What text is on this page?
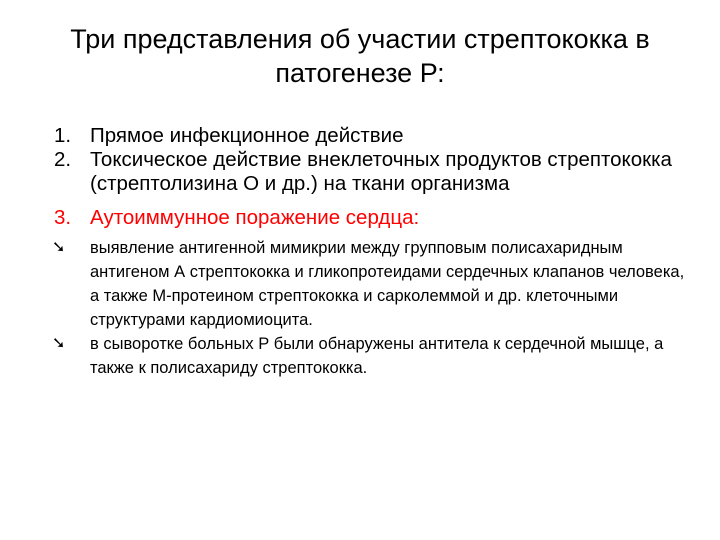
Три представления об участии стрептококка в
патогенезе Р:
1. Прямое инфекционное действие
2. Токсическое действие внеклеточных продуктов стрептококка (стрептолизина О и др.) на ткани организма
3. Аутоиммунное поражение сердца:
➘ выявление антигенной мимикрии между групповым полисахаридным антигеном А стрептококка и гликопротеидами сердечных клапанов человека, а также М-протеином стрептококка и сарколеммой и др. клеточными структурами кардиомиоцита.
➘ в сыворотке больных Р были обнаружены антитела к сердечной мышце, а также к полисахариду стрептококка.
